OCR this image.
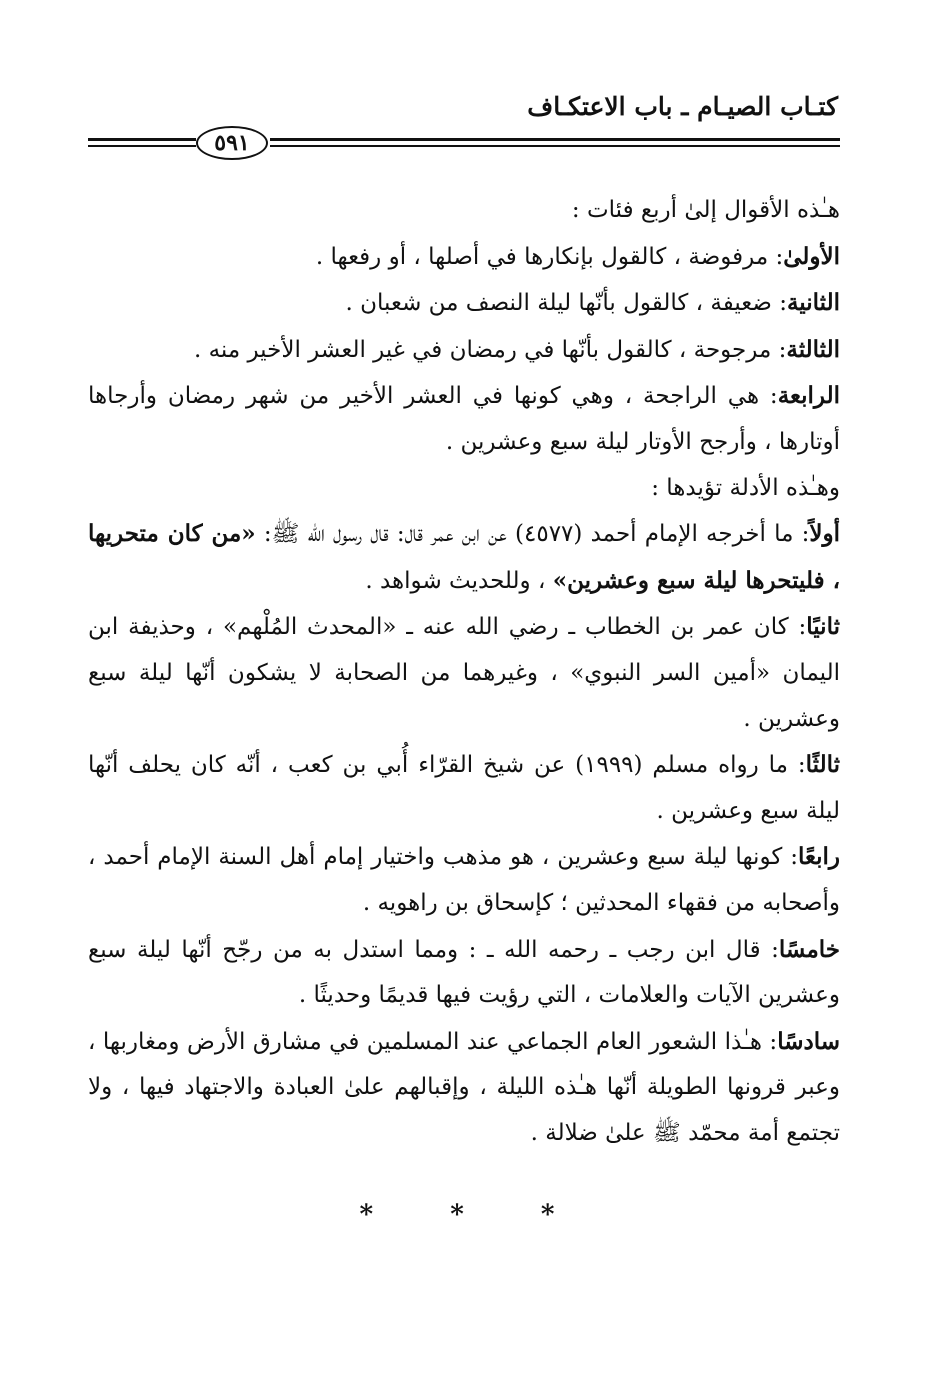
كتـاب الصيـام ـ باب الاعتكـاف
٥٩١

هـٰذه الأقوال إلىٰ أربع فئات :

الأولىٰ: مرفوضة ، كالقول بإنكارها في أصلها ، أو رفعها .

الثانية: ضعيفة ، كالقول بأنّها ليلة النصف من شعبان .

الثالثة: مرجوحة ، كالقول بأنّها في رمضان في غير العشر الأخير منه .

الرابعة: هي الراجحة ، وهي كونها في العشر الأخير من شهر رمضان وأرجاها أوتارها ، وأرجح الأوتار ليلة سبع وعشرين .

وهـٰذه الأدلة تؤيدها :

أولاً: ما أخرجه الإمام أحمد (٤٥٧٧) عن ابن عمر قال: قال رسول الله ﷺ: «من كان متحريها ، فليتحرها ليلة سبع وعشرين» ، وللحديث شواهد .

ثانيًا: كان عمر بن الخطاب ـ رضي الله عنه ـ «المحدث المُلْهم» ، وحذيفة ابن اليمان «أمين السر النبوي» ، وغيرهما من الصحابة لا يشكون أنّها ليلة سبع وعشرين .

ثالثًا: ما رواه مسلم (١٩٩٩) عن شيخ القرّاء أُبي بن كعب ، أنّه كان يحلف أنّها ليلة سبع وعشرين .

رابعًا: كونها ليلة سبع وعشرين ، هو مذهب واختيار إمام أهل السنة الإمام أحمد ، وأصحابه من فقهاء المحدثين ؛ كإسحاق بن راهويه .

خامسًا: قال ابن رجب ـ رحمه الله ـ : ومما استدل به من رجّح أنّها ليلة سبع وعشرين الآيات والعلامات ، التي رؤيت فيها قديمًا وحديثًا .

سادسًا: هـٰذا الشعور العام الجماعي عند المسلمين في مشارق الأرض ومغاربها ، وعبر قرونها الطويلة أنّها هـٰذه الليلة ، وإقبالهم علىٰ العبادة والاجتهاد فيها ، ولا تجتمع أمة محمّد ﷺ علىٰ ضلالة .

* * *
